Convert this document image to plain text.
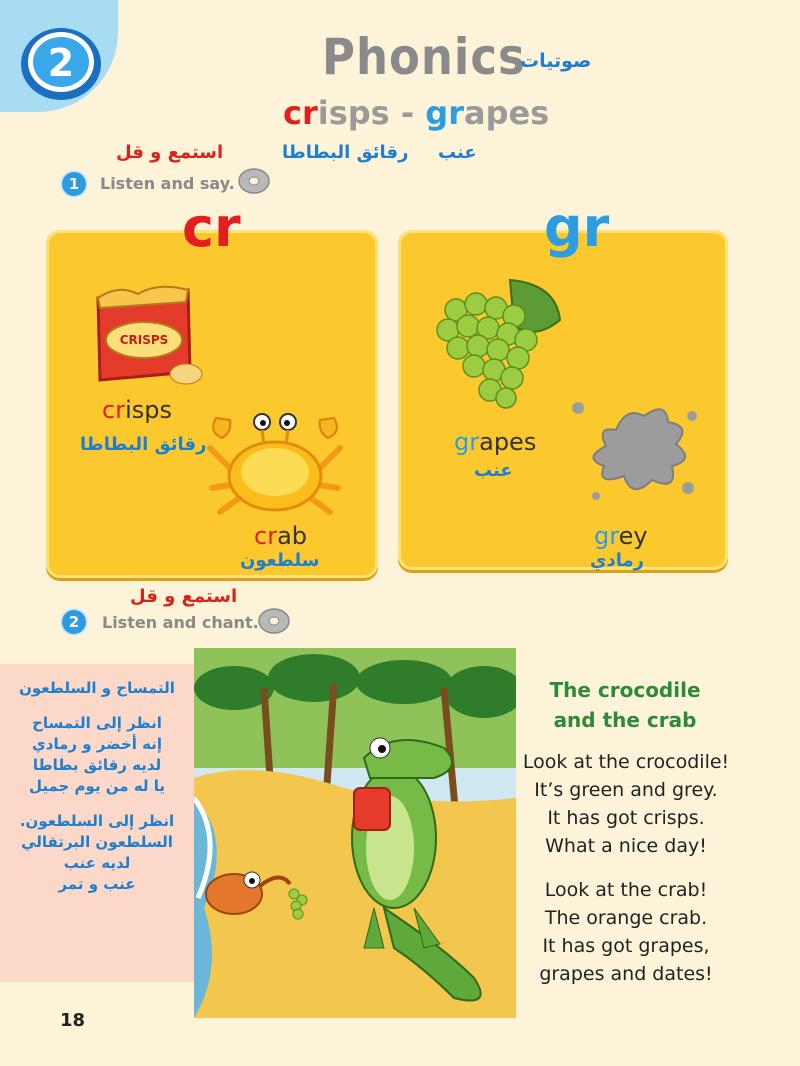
2	Phonics
صوتيات
crisps - grapes
استمع و قل	رقائق البطاطا عنب
1	Listen and say.
cr
CRISPS
crisps
رقائق البطاطا
crab
سلطعون
gr
grapes
عنب
grey
رمادي
استمع و قل
2	Listen and chant.
التمساح و السلطعون
انظر إلى التمساح
إنه أخضر و رمادي
لديه رقائق بطاطا
يا له من يوم جميل
انظر إلى السلطعون.
السلطعون البرتقالي
لديه عنب
عنب و تمر
The crocodile
and the crab
Look at the crocodile!
It’s green and grey.
It has got crisps.
What a nice day!
Look at the crab!
The orange crab.
It has got grapes,
grapes and dates!
18
